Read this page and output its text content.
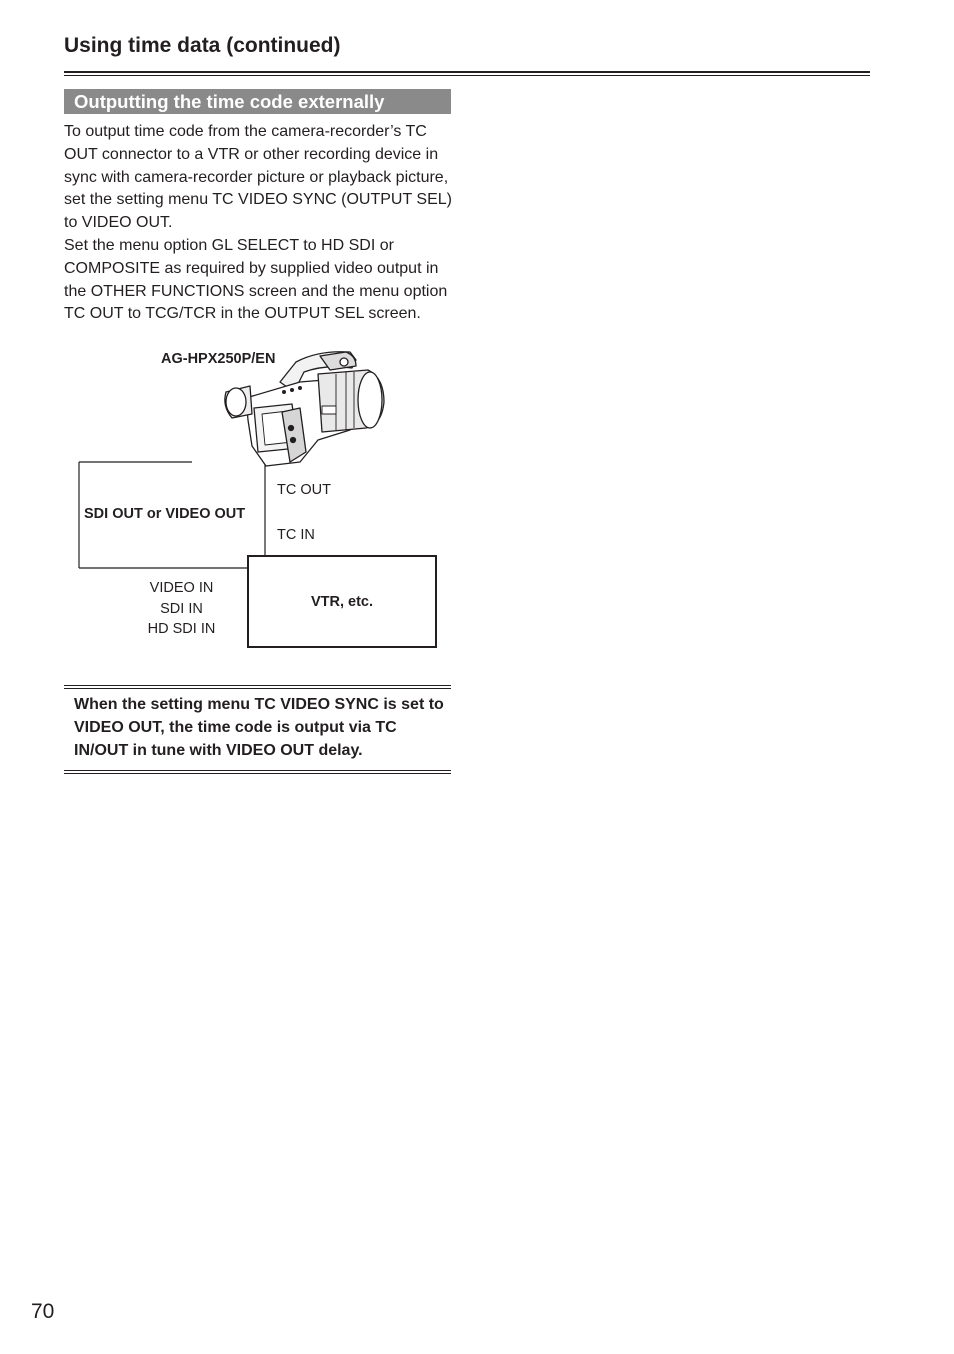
Using time data (continued)
Outputting the time code externally

To output time code from the camera-recorder’s TC OUT connector to a VTR or other recording device in sync with camera-recorder picture or playback picture, set the setting menu TC VIDEO SYNC (OUTPUT SEL) to VIDEO OUT.

Set the menu option GL SELECT to HD SDI or COMPOSITE as required by supplied video output in the OTHER FUNCTIONS screen and the menu option TC OUT to TCG/TCR in the OUTPUT SEL screen.

AG-HPX250P/EN
SDI OUT or VIDEO OUT
TC OUT
TC IN
VIDEO IN
SDI IN
HD SDI IN
VTR, etc.

When the setting menu TC VIDEO SYNC is set to VIDEO OUT, the time code is output via TC IN/OUT in tune with VIDEO OUT delay.

70
